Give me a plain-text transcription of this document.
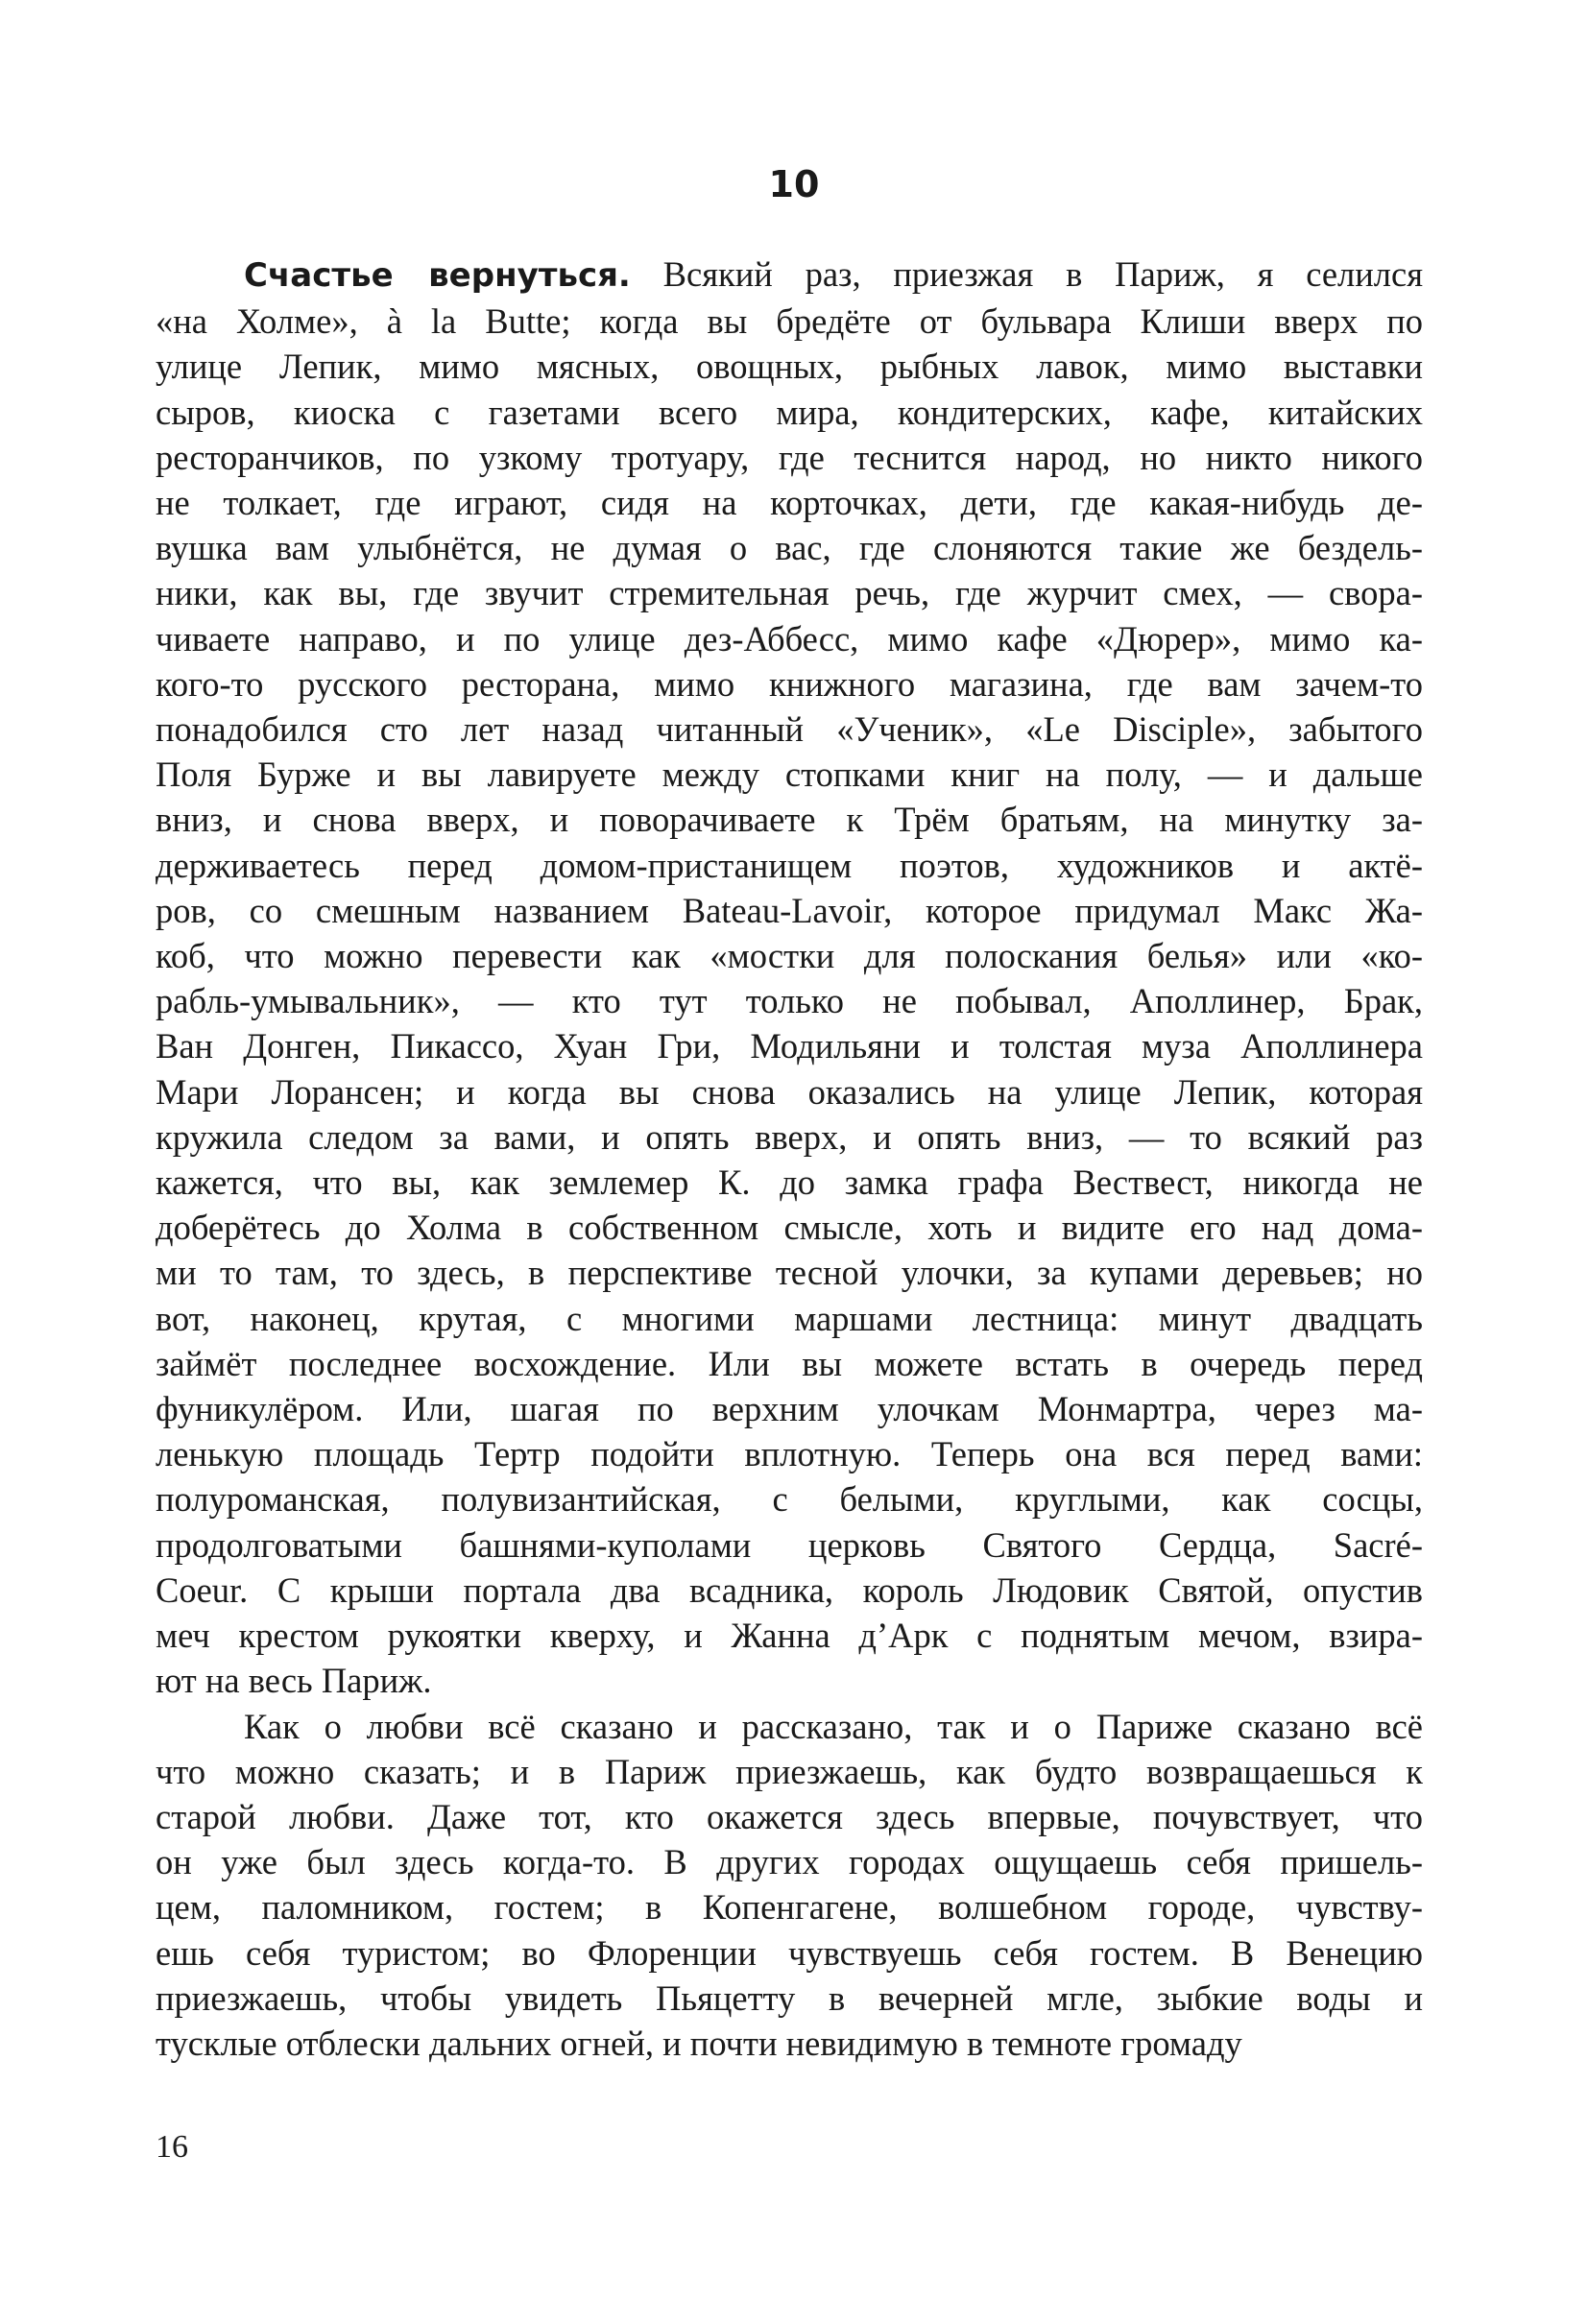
10
Счастье вернуться. Всякий раз, приезжая в Париж, я селился
«на Холме», à la Butte; когда вы бредёте от бульвара Клиши вверх по
улице Лепик, мимо мясных, овощных, рыбных лавок, мимо выставки
сыров, киоска с газетами всего мира, кондитерских, кафе, китайских
ресторанчиков, по узкому тротуару, где теснится народ, но никто никого
не толкает, где играют, сидя на корточках, дети, где какая-нибудь де-
вушка вам улыбнётся, не думая о вас, где слоняются такие же бездель-
ники, как вы, где звучит стремительная речь, где журчит смех, — свора-
чиваете направо, и по улице дез-Аббесс, мимо кафе «Дюрер», мимо ка-
кого-то русского ресторана, мимо книжного магазина, где вам зачем-то
понадобился сто лет назад читанный «Ученик», «Le Disciple», забытого
Поля Бурже и вы лавируете между стопками книг на полу, — и дальше
вниз, и снова вверх, и поворачиваете к Трём братьям, на минутку за-
держиваетесь перед домом-пристанищем поэтов, художников и актё-
ров, со смешным названием Bateau-Lavoir, которое придумал Макс Жа-
коб, что можно перевести как «мостки для полоскания белья» или «ко-
рабль-умывальник», — кто тут только не побывал, Аполлинер, Брак,
Ван Донген, Пикассо, Хуан Гри, Модильяни и толстая муза Аполлинера
Мари Лорансен; и когда вы снова оказались на улице Лепик, которая
кружила следом за вами, и опять вверх, и опять вниз, — то всякий раз
кажется, что вы, как землемер К. до замка графа Вествест, никогда не
доберётесь до Холма в собственном смысле, хоть и видите его над дома-
ми то там, то здесь, в перспективе тесной улочки, за купами деревьев; но
вот, наконец, крутая, с многими маршами лестница: минут двадцать
займёт последнее восхождение. Или вы можете встать в очередь перед
фуникулёром. Или, шагая по верхним улочкам Монмартра, через ма-
ленькую площадь Тертр подойти вплотную. Теперь она вся перед вами:
полуроманская, полувизантийская, с белыми, круглыми, как сосцы,
продолговатыми башнями-куполами церковь Святого Сердца, Sacré-
Coeur. С крыши портала два всадника, король Людовик Святой, опустив
меч крестом рукоятки кверху, и Жанна д’Арк с поднятым мечом, взира-
ют на весь Париж.
Как о любви всё сказано и рассказано, так и о Париже сказано всё
что можно сказать; и в Париж приезжаешь, как будто возвращаешься к
старой любви. Даже тот, кто окажется здесь впервые, почувствует, что
он уже был здесь когда-то. В других городах ощущаешь себя пришель-
цем, паломником, гостем; в Копенгагене, волшебном городе, чувству-
ешь себя туристом; во Флоренции чувствуешь себя гостем. В Венецию
приезжаешь, чтобы увидеть Пьяцетту в вечерней мгле, зыбкие воды и
тусклые отблески дальних огней, и почти невидимую в темноте громаду
16
